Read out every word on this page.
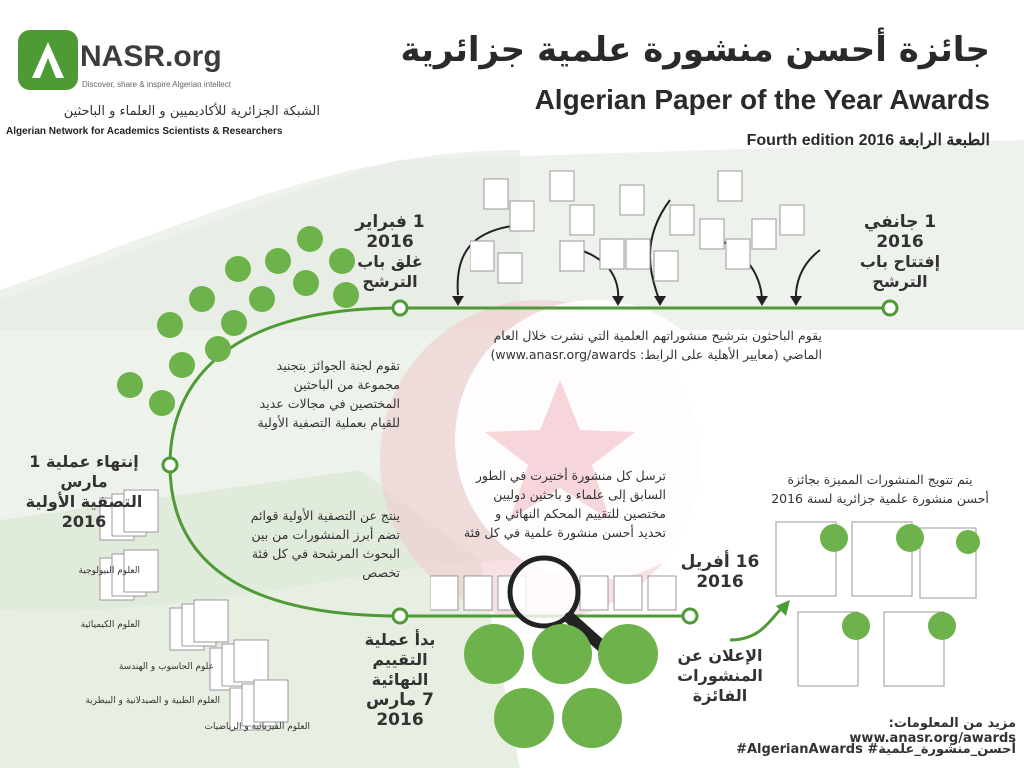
NASR.org
Discover, share & inspire Algerian intellect
الشبكة الجزائرية للأكاديميين و العلماء و الباحثين
Algerian Network for Academics Scientists & Researchers
جائزة أحسن منشورة علمية جزائرية
Algerian Paper of the Year Awards
Fourth edition 2016 الطبعة الرابعة
1 جانفي
2016
إفتتاح باب
الترشح
1 فبراير
2016
غلق باب
الترشح
إنتهاء عملية 1 مارس
التصفية الأولية 2016
بدأ عملية
التقييم
النهائية
7 مارس
2016
16 أفريل
2016
الإعلان عن
المنشورات
الفائزة
يقوم الباحثون بترشيح منشوراتهم العلمية التي نشرت خلال العام
الماضي (معايير الأهلية على الرابط: www.anasr.org/awards)
تقوم لجنة الجوائز بتجنيد
مجموعة من الباحثين
المختصين في مجالات عديد
للقيام بعملية التصفية الأولية
ينتج عن التصفية الأولية قوائم
تضم أبرز المنشورات من بين
البحوث المرشحة في كل فئة
تخصص
ترسل كل منشورة أختيرت في الطور
السابق إلى علماء و باحثين دوليين
مختصين للتقييم المحكم النهائي و
تحديد أحسن منشورة علمية في كل فئة
يتم تتويج المنشورات المميزة بجائزة
أحسن منشورة علمية جزائرية لسنة 2016
العلوم البيولوجية
العلوم الكيميائية
علوم الحاسوب و الهندسة
العلوم الطبية و الصيدلانية و البيطرية
العلوم الفيزيائية و الرياضيات	مزيد من المعلومات: www.anasr.org/awards
#AlgerianAwards #أحسن_منشورة_علمية
